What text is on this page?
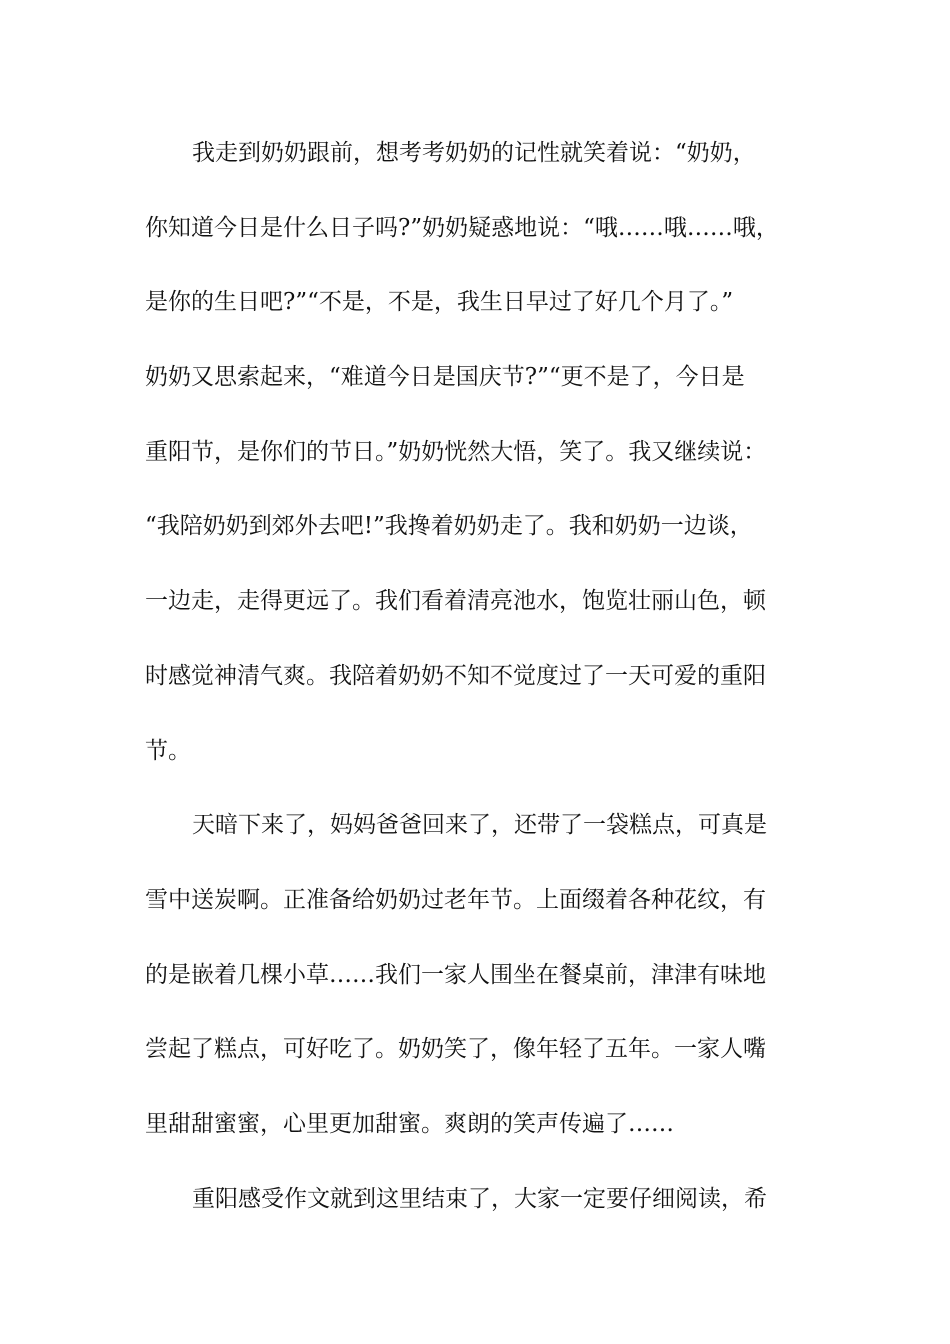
我走到奶奶跟前，想考考奶奶的记性就笑着说：“奶奶，
你知道今日是什么日子吗?”奶奶疑惑地说：“哦……哦……哦，
是你的生日吧?”“不是，不是，我生日早过了好几个月了。”
奶奶又思索起来，“难道今日是国庆节?”“更不是了，今日是
重阳节，是你们的节日。”奶奶恍然大悟，笑了。我又继续说：
“我陪奶奶到郊外去吧!”我搀着奶奶走了。我和奶奶一边谈，
一边走，走得更远了。我们看着清亮池水，饱览壮丽山色，顿
时感觉神清气爽。我陪着奶奶不知不觉度过了一天可爱的重阳
节。
天暗下来了，妈妈爸爸回来了，还带了一袋糕点，可真是
雪中送炭啊。正准备给奶奶过老年节。上面缀着各种花纹，有
的是嵌着几棵小草……我们一家人围坐在餐桌前，津津有味地
尝起了糕点，可好吃了。奶奶笑了，像年轻了五年。一家人嘴
里甜甜蜜蜜，心里更加甜蜜。爽朗的笑声传遍了……
重阳感受作文就到这里结束了，大家一定要仔细阅读，希
